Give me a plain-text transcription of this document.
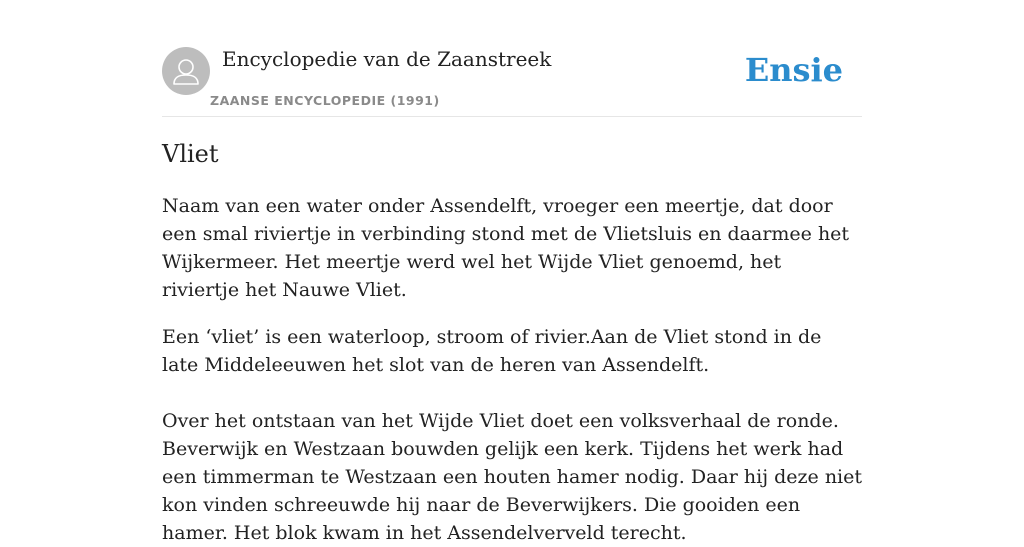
Encyclopedie van de Zaanstreek
ZAANSE ENCYCLOPEDIE (1991)
Ensie
Vliet

Naam van een water onder Assendelft, vroeger een meertje, dat door een smal riviertje in verbinding stond met de Vlietsluis en daarmee het Wijkermeer. Het meertje werd wel het Wijde Vliet genoemd, het riviertje het Nauwe Vliet.

Een ‘vliet’ is een waterloop, stroom of rivier.Aan de Vliet stond in de late Middeleeuwen het slot van de heren van Assendelft.

Over het ontstaan van het Wijde Vliet doet een volksverhaal de ronde. Beverwijk en Westzaan bouwden gelijk een kerk. Tijdens het werk had een timmerman te Westzaan een houten hamer nodig. Daar hij deze niet kon vinden schreeuwde hij naar de Beverwijkers. Die gooiden een hamer. Het blok kwam in het Assendelverveld terecht.
